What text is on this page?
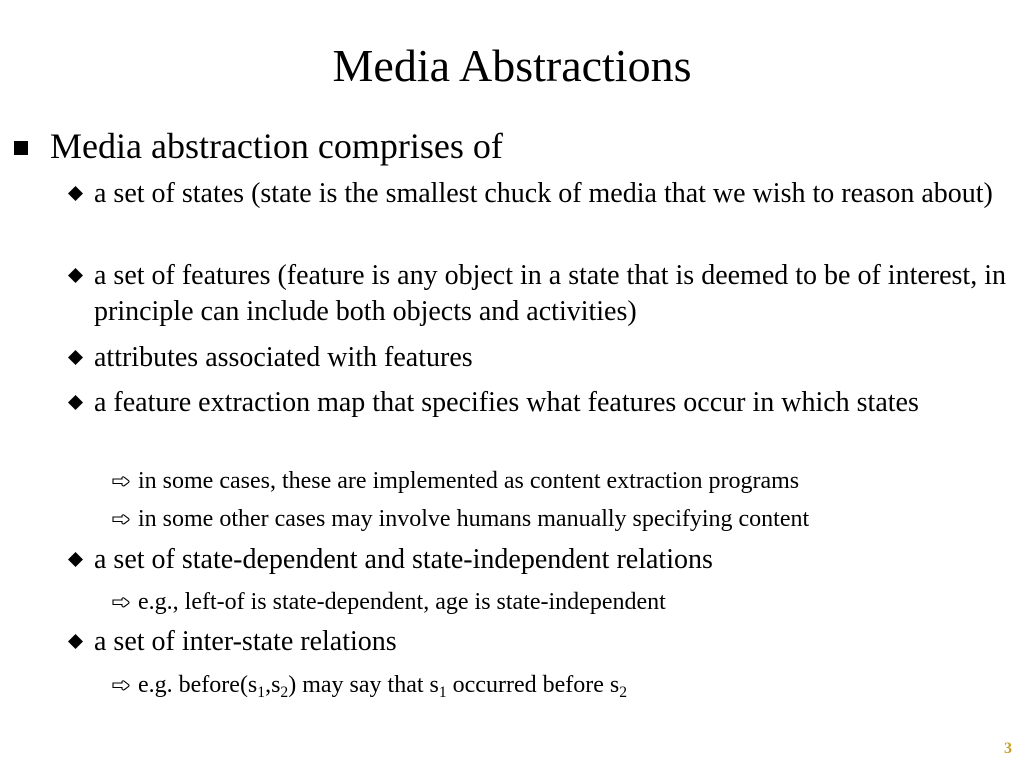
Media Abstractions
Media abstraction comprises of
a set of states (state is the smallest chuck of media that we wish to reason about)
a set of features (feature is any object in a state that is deemed to be of interest, in principle can include both objects and activities)
attributes associated with features
a feature extraction map that specifies what features occur in which states
in some cases, these are implemented as content extraction programs
in some other cases may involve humans manually specifying content
a set of state-dependent and state-independent relations
e.g., left-of is state-dependent, age is state-independent
a set of inter-state relations
e.g. $before(s_1,s_2)$ may say that $s_1$ occurred before $s_2$
3
